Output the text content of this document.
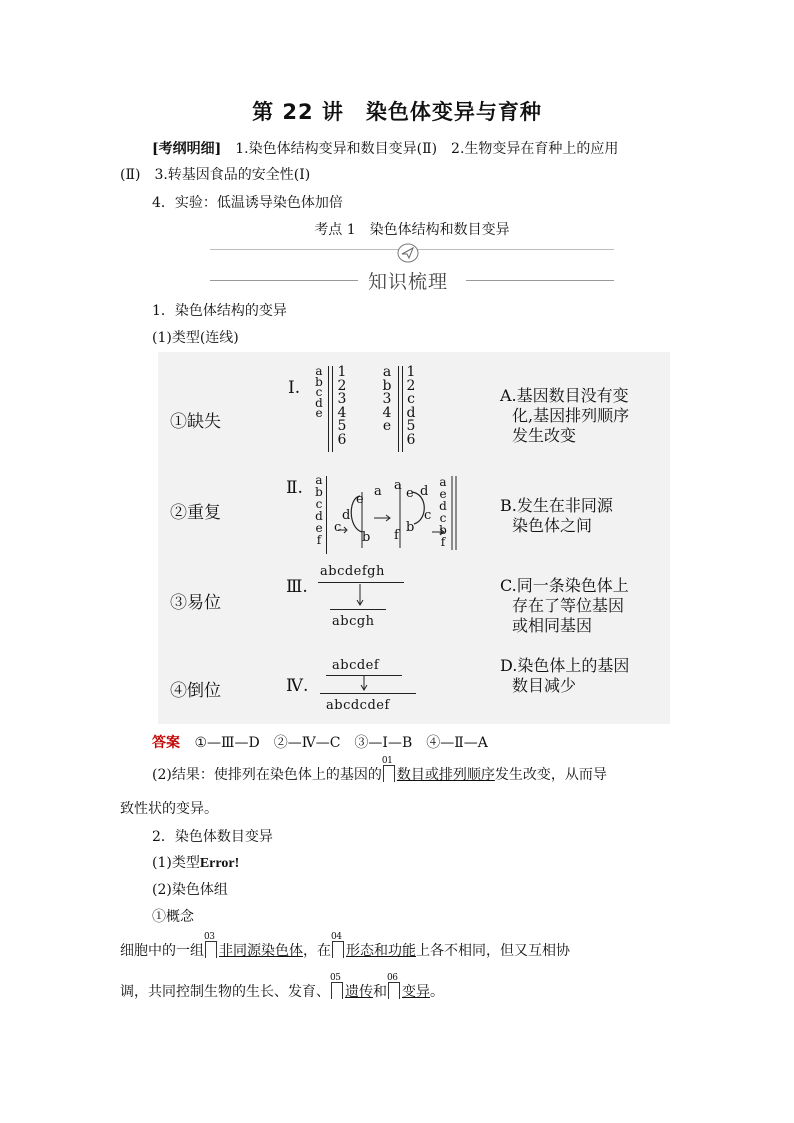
第 22 讲　染色体变异与育种
[考纲明细]　1.染色体结构变异和数目变异(Ⅱ)　2.生物变异在育种上的应用
(Ⅱ)　3.转基因食品的安全性(Ⅰ)
4．实验：低温诱导染色体加倍
考点 1　染色体结构和数目变异
知识梳理
1．染色体结构的变异
(1)类型(连线)
①缺失
②重复
③易位
④倒位
Ⅰ.
Ⅱ.
Ⅲ.
Ⅳ.
abcde
123456
ab34e
12cd56
abcdef
d
c
e
b
a a
f
b
d
e
c
aedcbf
abcdefgh
abcgh
abcdef
abcdcdef
A.基因数目没有变
化,基因排列顺序
发生改变
B.发生在非同源
染色体之间
C.同一条染色体上
存在了等位基因
或相同基因
D.染色体上的基因
数目减少
答案 ①—Ⅲ—D　②—Ⅳ—C　③—Ⅰ—B　④—Ⅱ—A
(2)结果：使排列在染色体上的基因的
01
数目或排列顺序发生改变，从而导
致性状的变异。
2．染色体数目变异
(1)类型Error!
(2)染色体组
①概念
细胞中的一组
03
非同源染色体，在
04
形态和功能上各不相同，但又互相协
调，共同控制生物的生长、发育、
05
遗传和
06
变异。
